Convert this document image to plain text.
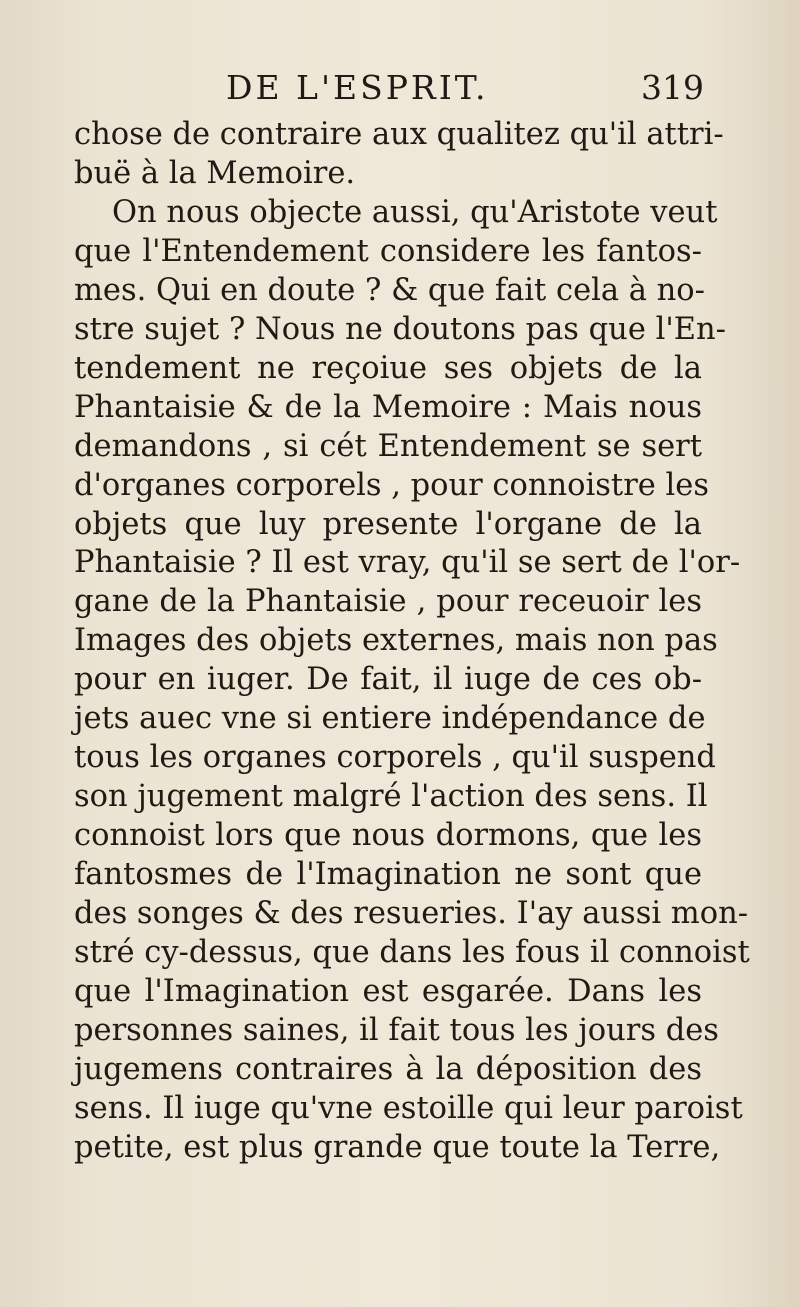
DE L'ESPRIT.	319
chose de contraire aux qualitez qu'il attri-
buë à la Memoire.
On nous objecte aussi, qu'Aristote veut
que l'Entendement considere les fantos-
mes. Qui en doute ? & que fait cela à no-
stre sujet ? Nous ne doutons pas que l'En-
tendement ne reçoiue ses objets de la
Phantaisie & de la Memoire : Mais nous
demandons , si cét Entendement se sert
d'organes corporels , pour connoistre les
objets que luy presente l'organe de la
Phantaisie ? Il est vray, qu'il se sert de l'or-
gane de la Phantaisie , pour receuoir les
Images des objets externes, mais non pas
pour en iuger. De fait, il iuge de ces ob-
jets auec vne si entiere indépendance de
tous les organes corporels , qu'il suspend
son jugement malgré l'action des sens. Il
connoist lors que nous dormons, que les
fantosmes de l'Imagination ne sont que
des songes & des resueries. I'ay aussi mon-
stré cy-dessus, que dans les fous il connoist
que l'Imagination est esgarée. Dans les
personnes saines, il fait tous les jours des
jugemens contraires à la déposition des
sens. Il iuge qu'vne estoille qui leur paroist
petite, est plus grande que toute la Terre,
